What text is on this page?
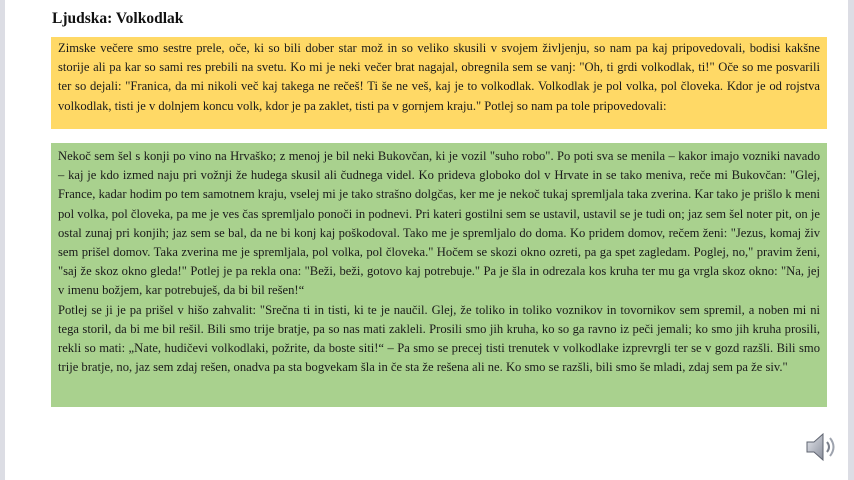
Ljudska: Volkodlak

Zimske večere smo sestre prele, oče, ki so bili dober star mož in so veliko skusili v svojem življenju, so nam pa kaj pripovedovali, bodisi kakšne storije ali pa kar so sami res prebili na svetu. Ko mi je neki večer brat nagajal, obregnila sem se vanj: "Oh, ti grdi volkodlak, ti!" Oče so me posvarili ter so dejali: "Franica, da mi nikoli več kaj takega ne rečeš! Ti še ne veš, kaj je to volkodlak. Volkodlak je pol volka, pol človeka. Kdor je od rojstva volkodlak, tisti je v dolnjem koncu volk, kdor je pa zaklet, tisti pa v gornjem kraju." Potlej so nam pa tole pripovedovali:

Nekoč sem šel s konji po vino na Hrvaško; z menoj je bil neki Bukovčan, ki je vozil "suho robo". Po poti sva se menila – kakor imajo vozniki navado – kaj je kdo izmed naju pri vožnji že hudega skusil ali čudnega videl. Ko prideva globoko dol v Hrvate in se tako meniva, reče mi Bukovčan: "Glej, France, kadar hodim po tem samotnem kraju, vselej mi je tako strašno dolgčas, ker me je nekoč tukaj spremljala taka zverina. Kar tako je prišlo k meni pol volka, pol človeka, pa me je ves čas spremljalo ponoči in podnevi. Pri kateri gostilni sem se ustavil, ustavil se je tudi on; jaz sem šel noter pit, on je ostal zunaj pri konjih; jaz sem se bal, da ne bi konj kaj poškodoval. Tako me je spremljalo do doma. Ko pridem domov, rečem ženi: "Jezus, komaj živ sem prišel domov. Taka zverina me je spremljala, pol volka, pol človeka." Hočem se skozi okno ozreti, pa ga spet zagledam. Poglej, no," pravim ženi, "saj že skoz okno gleda!" Potlej je pa rekla ona: "Beži, beži, gotovo kaj potrebuje." Pa je šla in odrezala kos kruha ter mu ga vrgla skoz okno: "Na, jej v imenu božjem, kar potrebuješ, da bi bil rešen!“

Potlej se ji je pa prišel v hišo zahvalit: "Srečna ti in tisti, ki te je naučil. Glej, že toliko in toliko voznikov in tovornikov sem spremil, a noben mi ni tega storil, da bi me bil rešil. Bili smo trije bratje, pa so nas mati zakleli. Prosili smo jih kruha, ko so ga ravno iz peči jemali; ko smo jih kruha prosili, rekli so mati: „Nate, hudičevi volkodlaki, požrite, da boste siti!“ – Pa smo se precej tisti trenutek v volkodlake izprevrgli ter se v gozd razšli. Bili smo trije bratje, no, jaz sem zdaj rešen, onadva pa sta bogvekam šla in če sta že rešena ali ne. Ko smo se razšli, bili smo še mladi, zdaj sem pa že siv."
